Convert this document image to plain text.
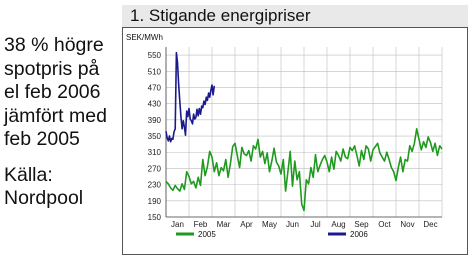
38 % högre
spotpris på
el feb 2006
jämfört med
feb 2005
Källa:
Nordpool
1. Stigande energipriser
SEK/MWh
150
190
230
270
310
350
390
430
470
510
550
Jan Feb Mar Apr May Jun Jul Aug Sep Oct Nov Dec
2005	2006
